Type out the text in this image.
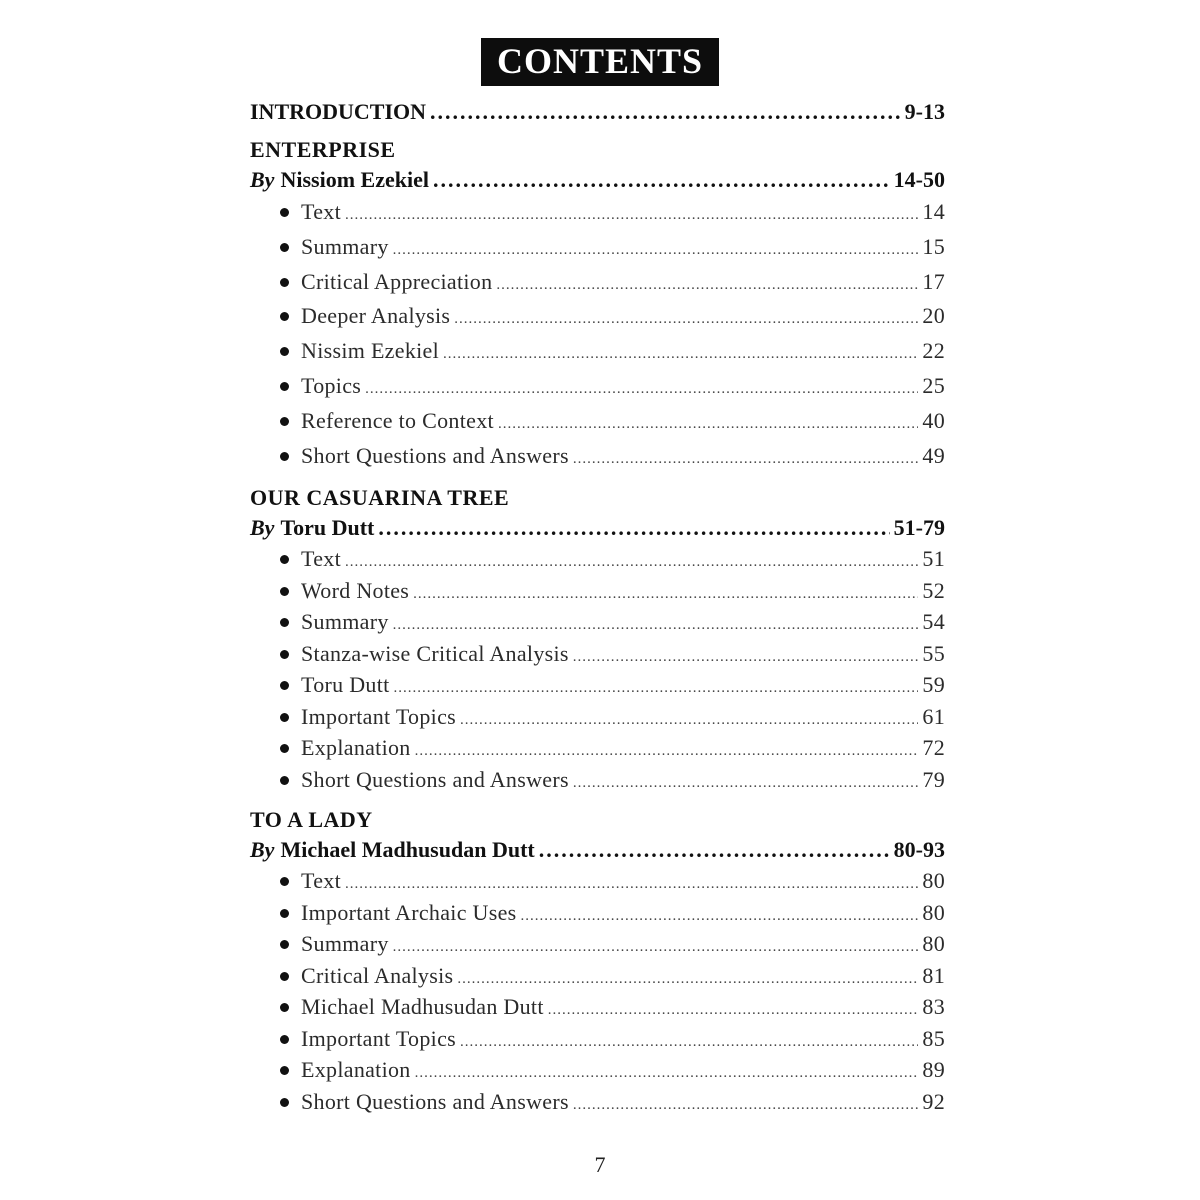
CONTENTS
INTRODUCTION .....	9-13
ENTERPRISE
By Nissiom Ezekiel .....	14-50
Text .....	14
Summary .....	15
Critical Appreciation .....	17
Deeper Analysis .....	20
Nissim Ezekiel .....	22
Topics .....	25
Reference to Context .....	40
Short Questions and Answers .....	49
OUR CASUARINA TREE
By Toru Dutt .....	51-79
Text .....	51
Word Notes .....	52
Summary .....	54
Stanza-wise Critical Analysis .....	55
Toru Dutt .....	59
Important Topics .....	61
Explanation .....	72
Short Questions and Answers .....	79
TO A LADY
By Michael Madhusudan Dutt .....	80-93
Text .....	80
Important Archaic Uses .....	80
Summary .....	80
Critical Analysis .....	81
Michael Madhusudan Dutt .....	83
Important Topics .....	85
Explanation .....	89
Short Questions and Answers .....	92
7
